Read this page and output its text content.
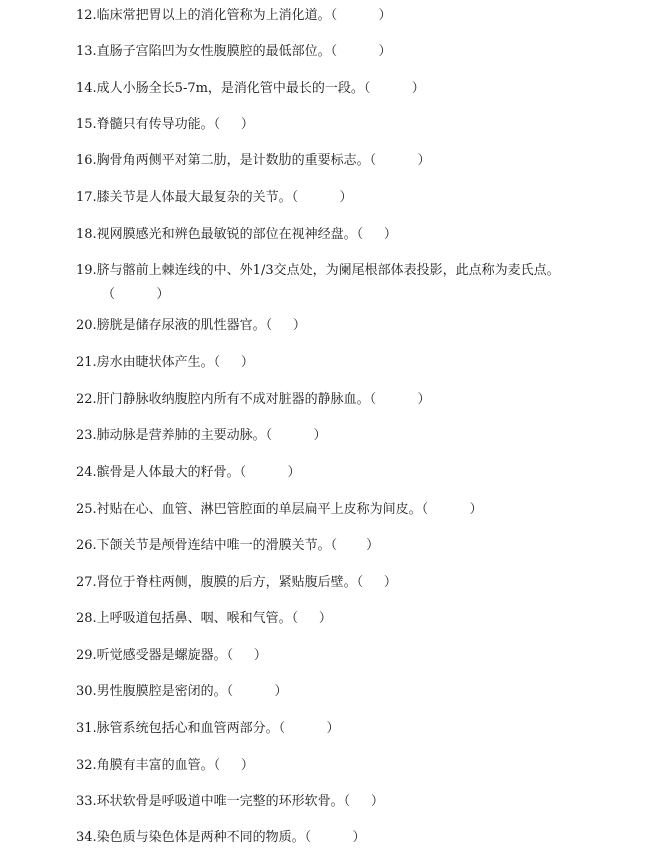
12.临床常把胃以上的消化管称为上消化道。（          ）
13.直肠子宫陷凹为女性腹膜腔的最低部位。（          ）
14.成人小肠全长5-7m，是消化管中最长的一段。（          ）
15.脊髓只有传导功能。（     ）
16.胸骨角两侧平对第二肋，是计数肋的重要标志。（          ）
17.膝关节是人体最大最复杂的关节。（          ）
18.视网膜感光和辨色最敏锐的部位在视神经盘。（     ）
19.脐与髂前上棘连线的中、外1/3交点处，为阑尾根部体表投影，此点称为麦氏点。
（          ）
20.膀胱是储存尿液的肌性器官。（     ）
21.房水由睫状体产生。（     ）
22.肝门静脉收纳腹腔内所有不成对脏器的静脉血。（          ）
23.肺动脉是营养肺的主要动脉。（          ）
24.髌骨是人体最大的籽骨。（          ）
25.衬贴在心、血管、淋巴管腔面的单层扁平上皮称为间皮。（          ）
26.下颌关节是颅骨连结中唯一的滑膜关节。（       ）
27.肾位于脊柱两侧，腹膜的后方，紧贴腹后壁。（     ）
28.上呼吸道包括鼻、咽、喉和气管。（     ）
29.听觉感受器是螺旋器。（     ）
30.男性腹膜腔是密闭的。（          ）
31.脉管系统包括心和血管两部分。（          ）
32.角膜有丰富的血管。（     ）
33.环状软骨是呼吸道中唯一完整的环形软骨。（     ）
34.染色质与染色体是两种不同的物质。（          ）
